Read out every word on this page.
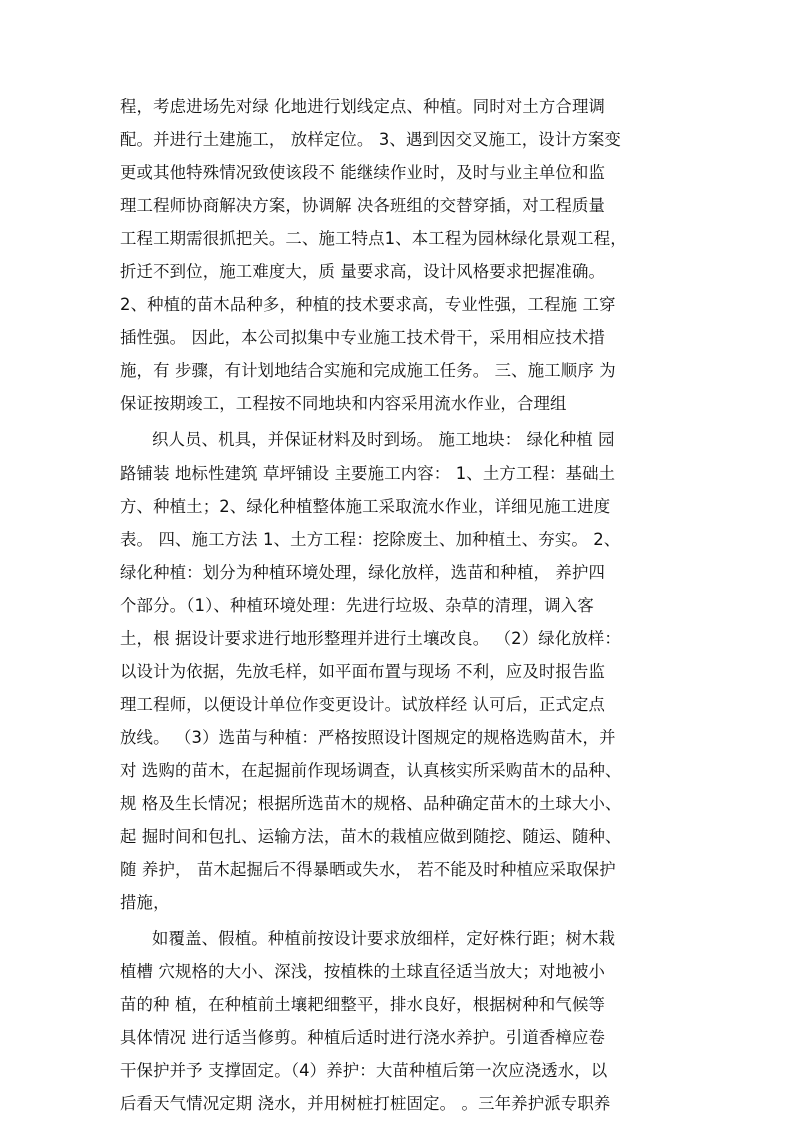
程，考虑进场先对绿 化地进行划线定点、种植。同时对土方合理调
配。并进行土建施工， 放样定位。 3、遇到因交叉施工，设计方案变
更或其他特殊情况致使该段不 能继续作业时，及时与业主单位和监
理工程师协商解决方案，协调解 决各班组的交替穿插，对工程质量
工程工期需很抓把关。二、施工特点1、本工程为园林绿化景观工程，
折迁不到位，施工难度大，质 量要求高，设计风格要求把握准确。
2、种植的苗木品种多，种植的技术要求高，专业性强，工程施 工穿
插性强。 因此，本公司拟集中专业施工技术骨干，采用相应技术措
施，有 步骤，有计划地结合实施和完成施工任务。 三、施工顺序 为
保证按期竣工，工程按不同地块和内容采用流水作业，合理组
织人员、机具，并保证材料及时到场。 施工地块： 绿化种植 园
路铺装 地标性建筑 草坪铺设 主要施工内容： 1、土方工程：基础土
方、种植土；2、绿化种植整体施工采取流水作业，详细见施工进度
表。 四、施工方法 1、土方工程：挖除废土、加种植土、夯实。 2、
绿化种植：划分为种植环境处理，绿化放样，选苗和种植， 养护四
个部分。（1）、种植环境处理：先进行垃圾、杂草的清理，调入客
土，根 据设计要求进行地形整理并进行土壤改良。 （2）绿化放样：
以设计为依据，先放毛样，如平面布置与现场 不利，应及时报告监
理工程师，以便设计单位作变更设计。试放样经 认可后，正式定点
放线。 （3）选苗与种植：严格按照设计图规定的规格选购苗木，并
对 选购的苗木，在起掘前作现场调查，认真核实所采购苗木的品种、
规 格及生长情况；根据所选苗木的规格、品种确定苗木的土球大小、
起 掘时间和包扎、运输方法，苗木的栽植应做到随挖、随运、随种、
随 养护， 苗木起掘后不得暴晒或失水， 若不能及时种植应采取保护
措施，
如覆盖、假植。种植前按设计要求放细样，定好株行距；树木栽
植槽 穴规格的大小、深浅，按植株的土球直径适当放大；对地被小
苗的种 植，在种植前土壤耙细整平，排水良好，根据树种和气候等
具体情况 进行适当修剪。种植后适时进行浇水养护。引道香樟应卷
干保护并予 支撑固定。（4）养护：大苗种植后第一次应浇透水，以
后看天气情况定期 浇水，并用树桩打桩固定。 。三年养护派专职养
